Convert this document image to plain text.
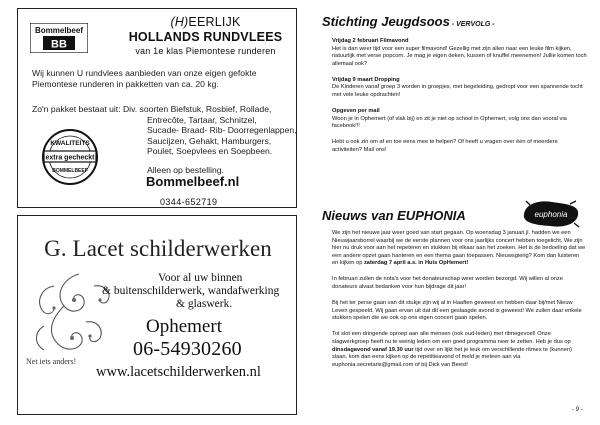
Bommelbeef
BB
(H)EERLIJK
HOLLANDS RUNDVLEES
van 1e klas Piemontese runderen
Wij kunnen U rundvlees aanbieden van onze eigen gefokte Piemontese runderen in pakketten van ca. 20 kg.
Zo'n pakket bestaat uit: Div. soorten Biefstuk, Rosbief, Rollade,
Entrecôte, Tartaar, Schnitzel,
Sucade- Braad- Rib- Doorregenlappen,
Saucijzen, Gehakt, Hamburgers,
Poulet, Soepvlees en Soepbeen.
Alleen op bestelling.
KWALITEITS
extra gecheckt
BOMMELBEEF
Bommelbeef.nl
0344-652719
G. Lacet schilderwerken
Voor al uw binnen
& buitenschilderwerk, wandafwerking
& glaswerk.
Ophemert
06-54930260
Net iets anders!
www.lacetschilderwerken.nl
Stichting Jeugdsoos - VERVOLG -
Vrijdag 2 februari Filmavond
Het is dan weer tijd voor een super filmavond! Gezellig met zijn allen naar een leuke film kijken, natuurlijk met verse popcorn. Je mag je eigen deken, kussen of knuffel meenemen! Jullie komen toch allemaal ook?
Vrijdag 9 maart Dropping
De Kinderen vanaf groep 3 worden in groepjes, met begeleiding, gedropt voor een spannende tocht met vele leuke opdrachten!
Opgeven per mail
Woon je in Ophemert (of vlak bij) en zit je niet op school in Ophemert, volg ons dan vooral via facebook!!!
Hebt u ook zin om af en toe eens mee te helpen? Of heeft u vragen over één of meerdere activiteiten? Mail ons!
Nieuws van EUPHONIA	euphonia
We zijn het nieuwe jaar weer goed van start gegaan. Op woensdag 3 januari jl. hadden we een Nieuwjaarsborrel waarbij we de eerste plannen voor ons jaarlijks concert hebben toegelicht. We zijn hier nu druk voor aan het repeteren en stukken bij elkaar aan het zoeken. Het is de bedoeling dat we een andere opzet gaan hanteren en een thema gaan toepassen. Nieuwsgierig? Kom dan luisteren en kijken op zaterdag 7 april a.s. in Huis OpHemert!
In februari zullen de nota's voor het donateurschap weer worden bezorgd. Wij willen al onze donateurs alvast bedanken voor hun bijdrage dit jaar!
Bij het ter perse gaan van dit stukje zijn wij al in Haaften geweest en hebben daar bij/met Nieuw Leven gespeeld. Wij gaan ervan uit dat dit een geslaagde avond is geweest! We zullen daar enkele stukken spelen die we ook op ons eigen concert gaan spelen.
Tot slot een dringende oproep aan alle mensen (ook oud-leden) met ritmegevoel! Onze slagwerkgroep heeft nu te weinig leden om een goed programma neer te zetten. Heb je dus op dinsdagavond vanaf 19.30 uur tijd over en lijkt het je leuk om verschillende ritmes te (kunnen) slaan, kom dan eens kijken op de repetitieavond of meld je meteen aan via euphonia.secretaris@gmail.com of bij Dick van Beest!
- 9 -
